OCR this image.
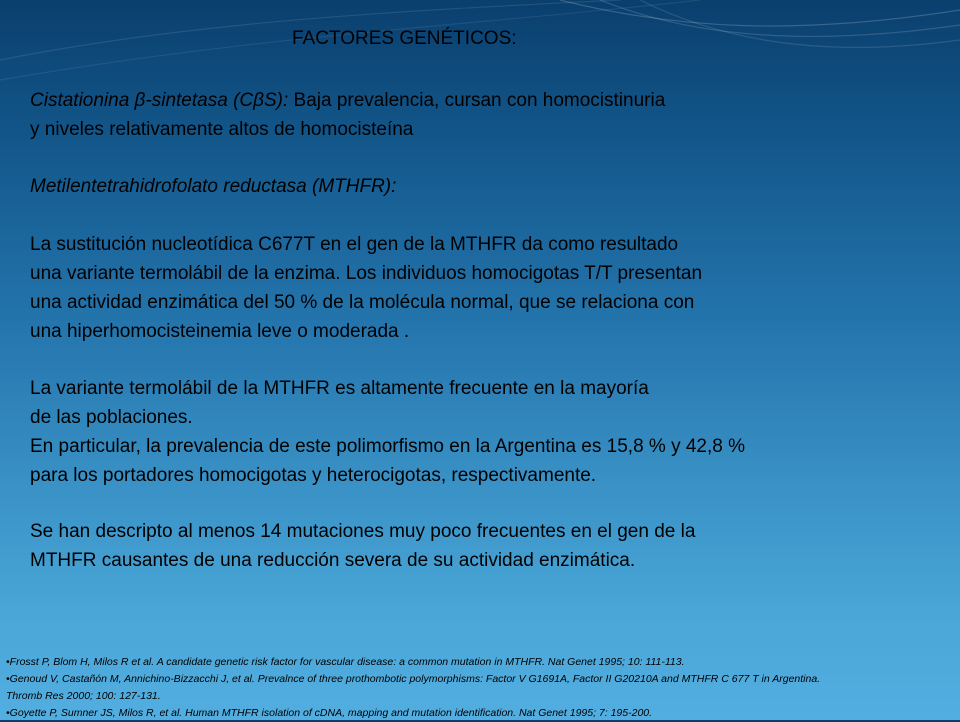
FACTORES GENÉTICOS:
Cistationina β-sintetasa (CβS): Baja prevalencia, cursan con homocistinuria
y niveles relativamente altos de homocisteína
Metilentetrahidrofolato reductasa (MTHFR):
La sustitución nucleotídica C677T en el gen de la MTHFR da como resultado
una variante termolábil de la enzima. Los individuos homocigotas T/T presentan
una actividad enzimática del 50 % de la molécula normal, que se relaciona con
una hiperhomocisteinemia leve o moderada .
La variante termolábil de la MTHFR es altamente frecuente en la mayoría
de las poblaciones.
En particular, la prevalencia de este polimorfismo en la Argentina es 15,8 % y 42,8 %
para los portadores homocigotas y heterocigotas, respectivamente.
Se han descripto al menos 14 mutaciones muy poco frecuentes en el gen de la
MTHFR causantes de una reducción severa de su actividad enzimática.
•Frosst P, Blom H, Milos R et al. A candidate genetic risk factor for vascular disease: a common mutation in MTHFR. Nat Genet 1995; 10: 111-113.
•Genoud V, Castañón M, Annichino-Bizzacchi J, et al. Prevalnce of three prothombotic polymorphisms: Factor V G1691A, Factor II G20210A and MTHFR C 677 T in Argentina.
Thromb Res 2000; 100: 127-131.
•Goyette P, Sumner JS, Milos R, et al. Human MTHFR isolation of cDNA, mapping and mutation identification. Nat Genet 1995; 7: 195-200.
